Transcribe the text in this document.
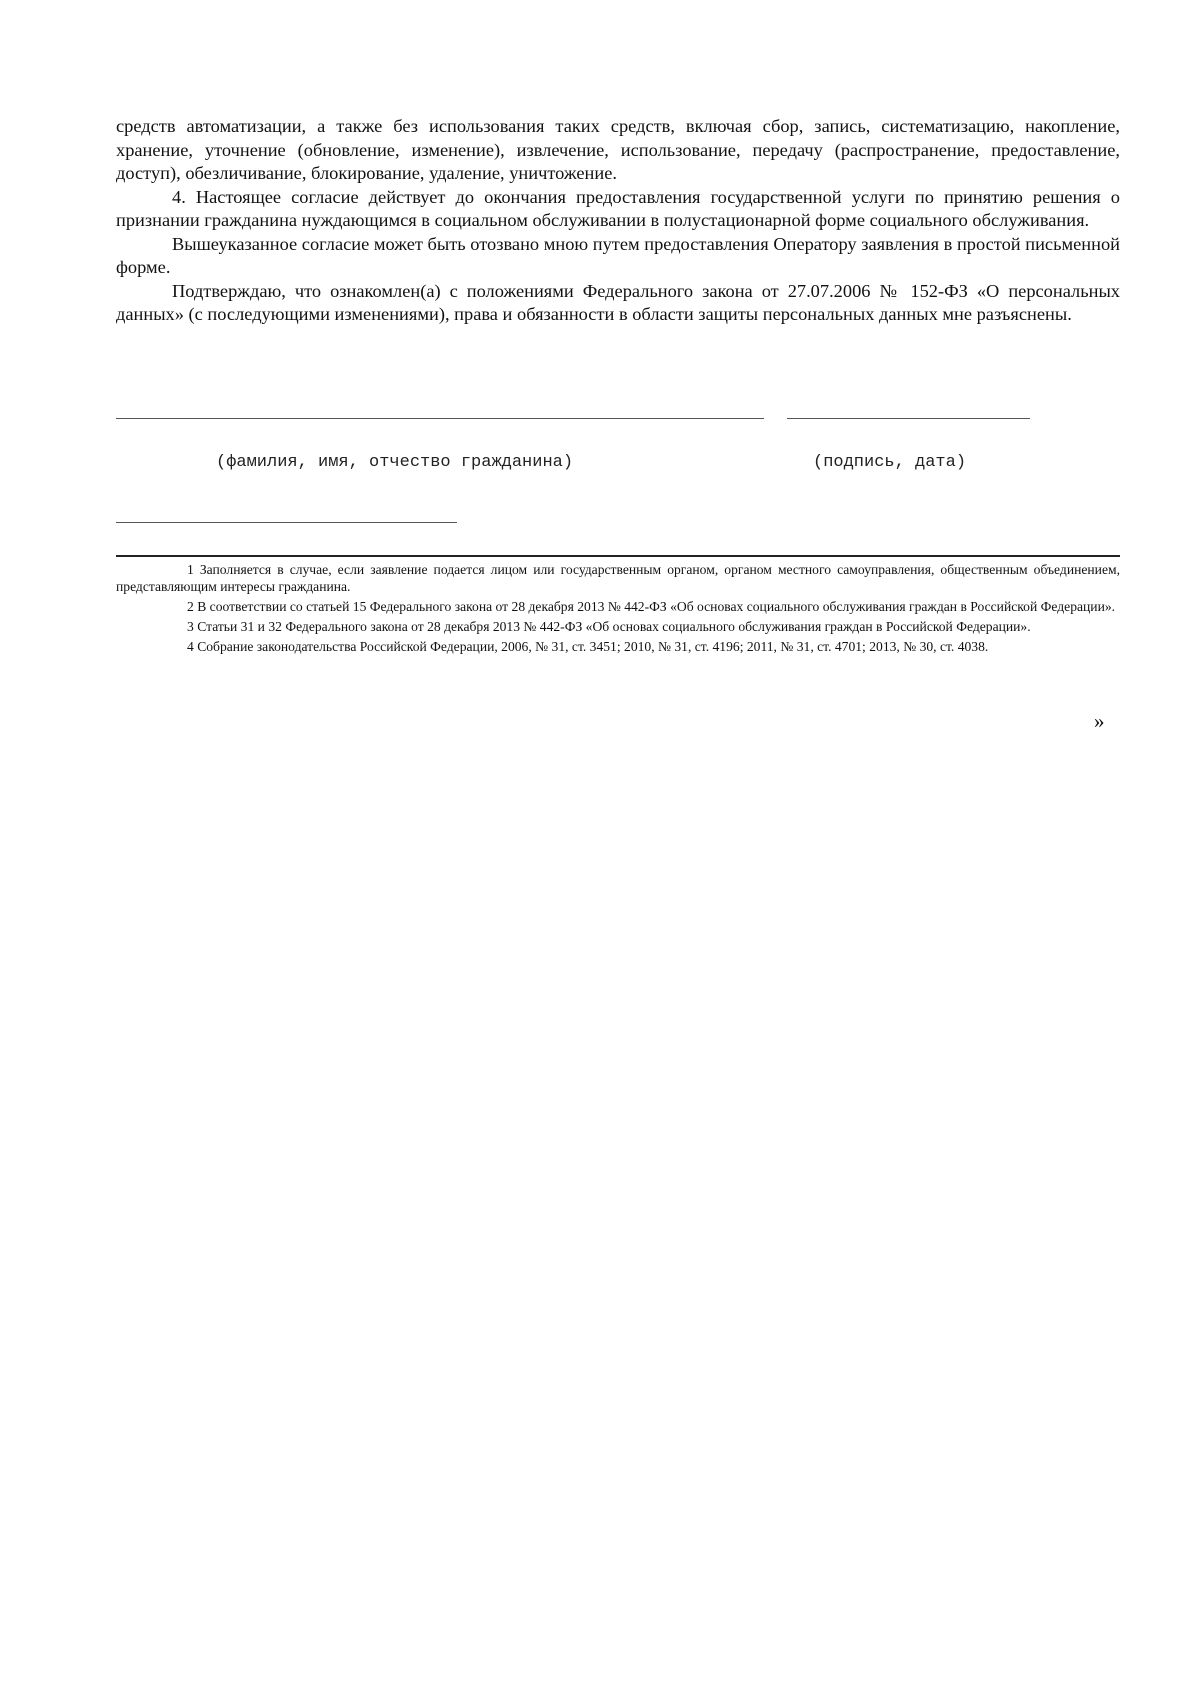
средств автоматизации, а также без использования таких средств, включая сбор, запись, систематизацию, накопление, хранение, уточнение (обновление, изменение), извлечение, использование, передачу (распространение, предоставление, доступ), обезличивание, блокирование, удаление, уничтожение.

4. Настоящее согласие действует до окончания предоставления государственной услуги по принятию решения о признании гражданина нуждающимся в социальном обслуживании в полустационарной форме социального обслуживания.

Вышеуказанное согласие может быть отозвано мною путем предоставления Оператору заявления в простой письменной форме.

Подтверждаю, что ознакомлен(а) с положениями Федерального закона от 27.07.2006 № 152-ФЗ «О персональных данных» (с последующими изменениями), права и обязанности в области защиты персональных данных мне разъяснены.

(фамилия, имя, отчество гражданина)	(подпись, дата)

1 Заполняется в случае, если заявление подается лицом или государственным органом, органом местного самоуправления, общественным объединением, представляющим интересы гражданина.

2 В соответствии со статьей 15 Федерального закона от 28 декабря 2013 № 442-ФЗ «Об основах социального обслуживания граждан в Российской Федерации».

3 Статьи 31 и 32 Федерального закона от 28 декабря 2013 № 442-ФЗ «Об основах социального обслуживания граждан в Российской Федерации».

4 Собрание законодательства Российской Федерации, 2006, № 31, ст. 3451; 2010, № 31, ст. 4196; 2011, № 31, ст. 4701; 2013, № 30, ст. 4038.

»
